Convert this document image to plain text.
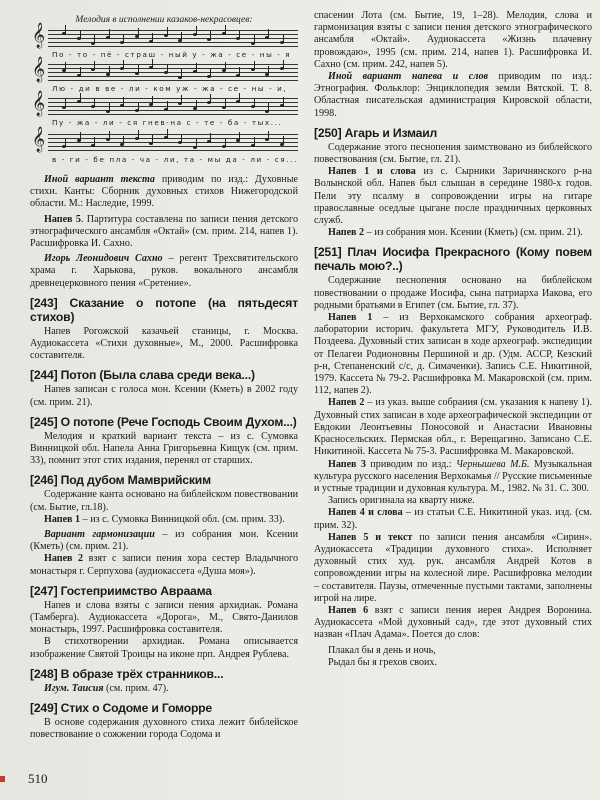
Мелодия в исполнении казаков-некрасовцев:
𝄞
По - то - пё - страш - ный у - жа - се - ны - я
𝄞
Лю - ди в ве - ли - ком уж - жа - се - ны - и,
𝄞
Пу - жа - ли - ся гнев-на с - те - ба - тых...
𝄞
в - ги - бе пла - ча - ли, та - мы да - ли - ся...

Иной вариант текста приводим по изд.: Духовные стихи. Канты: Сборник духовных стихов Нижегородской области. М.: Наследие, 1999.

Напев 5. Партитура составлена по записи пения детского этнографического ансамбля «Октай» (см. прим. 214, напев 1). Расшифровка И. Сахно.

Игорь Леонидович Сахно – регент Трехсвятительского храма г. Харькова, руков. вокального ансамбля древнецерковного пения «Сретение».

[243] Сказание о потопе (на пятьдесят стихов)

Напев Рогожской казачьей станицы, г. Москва. Аудиокассета «Стихи духовные», М., 2000. Расшифровка составителя.

[244] Потоп (Была слава среди века...)

Напев записан с голоса мон. Ксении (Кметь) в 2002 году (см. прим. 21).

[245] О потопе (Рече Господь Своим Духом...)

Мелодия и краткий вариант текста – из с. Сумовка Винницкой обл. Напела Анна Григорьевна Кищук (см. прим. 33), помнит этот стих издания, перенял от старших.

[246] Под дубом Мамврийским

Содержание канта основано на библейском повествовании (см. Бытие, гл.18).

Напев 1 – из с. Сумовка Винницкой обл. (см. прим. 33).

Вариант гармонизации – из собрания мон. Ксении (Кметь) (см. прим. 21).

Напев 2 взят с записи пения хора сестер Владычного монастыря г. Серпухова (аудиокассета «Душа моя»).

[247] Гостеприимство Авраама

Напев и слова взяты с записи пения архидиак. Романа (Тамберга). Аудиокассета «Дорога», М., Свято-Данилов монастырь, 1997. Расшифровка составителя.

В стихотворении архидиак. Романа описывается изображение Святой Троицы на иконе прп. Андрея Рублева.

[248] В образе трёх странников...

Игум. Таисия (см. прим. 47).

[249] Стих о Содоме и Гоморре

В основе содержания духовного стиха лежит библейское повествование о сожжении города Содома и

спасении Лота (см. Бытие, 19, 1–28). Мелодия, слова и гармонизация взяты с записи пения детского этнографического ансамбля «Октай». Аудиокассета «Жизнь плачевну провождаю», 1995 (см. прим. 214, напев 1). Расшифровка И. Сахно (см. прим. 242, напев 5).

Иной вариант напева и слов приводим по изд.: Этнография. Фольклор: Энциклопедия земли Вятской. Т. 8. Областная писательская администрация Кировской области, 1998.

[250] Агарь и Измаил

Содержание этого песнопения заимствовано из библейского повествования (см. Бытие, гл. 21).

Напев 1 и слова из с. Сырники Заричнянского р-на Волынской обл. Напев был слышан в середине 1980-х годов. Пели эту псалму в сопровождении игры на гитаре православные оседлые цыгане после праздничных церковных служб.

Напев 2 – из собрания мон. Ксении (Кметь) (см. прим. 21).

[251] Плач Иосифа Прекрасного (Кому повем печаль мою?..)

Содержание песнопения основано на библейском повествовании о продаже Иосифа, сына патриарха Иакова, его родными братьями в Египет (см. Бытие, гл. 37).

Напев 1 – из Верхокамского собрания археограф. лаборатории историч. факультета МГУ, Руководитель И.В. Поздеева. Духовный стих записан в ходе археограф. экспедиции от Пелагеи Родионовны Першиной и др. (Удм. АССР, Кезский р-н, Степаненский с/с, д. Симаченки). Запись С.Е. Никитиной, 1979. Кассета № 79-2. Расшифровка М. Макаровской (см. прим. 112, напев 2).

Напев 2 – из указ. выше собрания (см. указания к напеву 1). Духовный стих записан в ходе археографической экспедиции от Евдокии Леонтьевны Поносовой и Анастасии Ивановны Красносельских. Пермская обл., г. Верещагино. Записано С.Е. Никитиной. Кассета № 75-3. Расшифровка М. Макаровской.

Напев 3 приводим по изд.: Чернышева М.Б. Музыкальная культура русского населения Верхокамья // Русские письменные и устные традиции и духовная культура. М., 1982. № 31. С. 300.

Запись оригинала на кварту ниже.

Напев 4 и слова – из статьи С.Е. Никитиной указ. изд. (см. прим. 32).

Напев 5 и текст по записи пения ансамбля «Сирин». Аудиокассета «Традиции духовного стиха». Исполняет духовный стих худ. рук. ансамбля Андрей Котов в сопровождении игры на колесной лире. Расшифровка мелодии – составителя. Паузы, отмеченные пустыми тактами, заполнены игрой на лире.

Напев 6 взят с записи пения иерея Андрея Воронина. Аудиокассета «Мой духовный сад», где этот духовный стих назван «Плач Адама». Поется до слов:

Плакал бы я день и ночь,

Рыдал бы я грехов своих.

510
